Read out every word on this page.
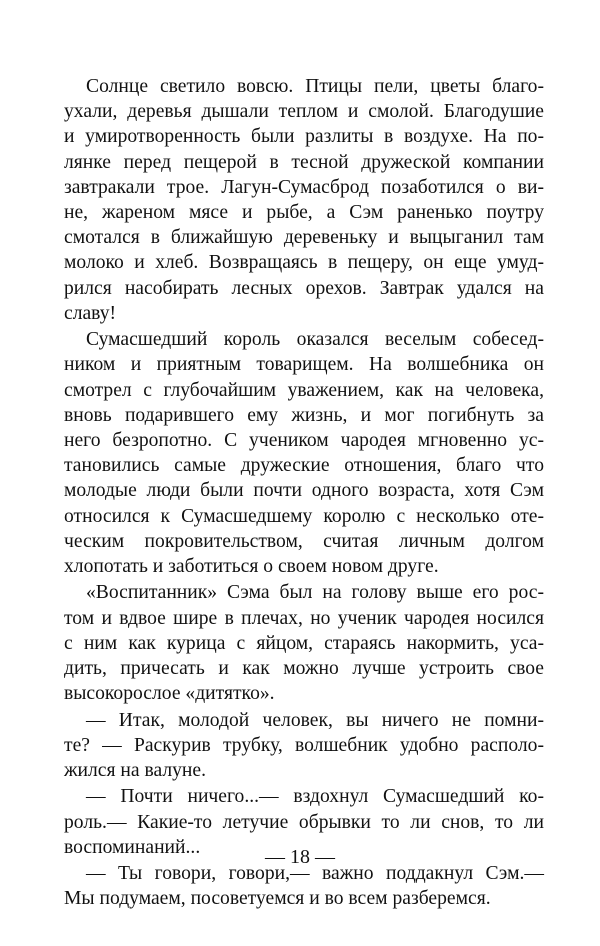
Солнце светило вовсю. Птицы пели, цветы благо-
ухали, деревья дышали теплом и смолой. Благодушие
и умиротворенность были разлиты в воздухе. На по-
лянке перед пещерой в тесной дружеской компании
завтракали трое. Лагун-Сумасброд позаботился о ви-
не, жареном мясе и рыбе, а Сэм раненько поутру
смотался в ближайшую деревеньку и выцыганил там
молоко и хлеб. Возвращаясь в пещеру, он еще умуд-
рился насобирать лесных орехов. Завтрак удался на
славу!
Сумасшедший король оказался веселым собесед-
ником и приятным товарищем. На волшебника он
смотрел с глубочайшим уважением, как на человека,
вновь подарившего ему жизнь, и мог погибнуть за
него безропотно. С учеником чародея мгновенно ус-
тановились самые дружеские отношения, благо что
молодые люди были почти одного возраста, хотя Сэм
относился к Сумасшедшему королю с несколько оте-
ческим покровительством, считая личным долгом
хлопотать и заботиться о своем новом друге.
«Воспитанник» Сэма был на голову выше его рос-
том и вдвое шире в плечах, но ученик чародея носился
с ним как курица с яйцом, стараясь накормить, уса-
дить, причесать и как можно лучше устроить свое
высокорослое «дитятко».
— Итак, молодой человек, вы ничего не помни-
те? — Раскурив трубку, волшебник удобно располо-
жился на валуне.
— Почти ничего...— вздохнул Сумасшедший ко-
роль.— Какие-то летучие обрывки то ли снов, то ли
воспоминаний...
— Ты говори, говори,— важно поддакнул Сэм.—
Мы подумаем, посоветуемся и во всем разберемся.
— 18 —
